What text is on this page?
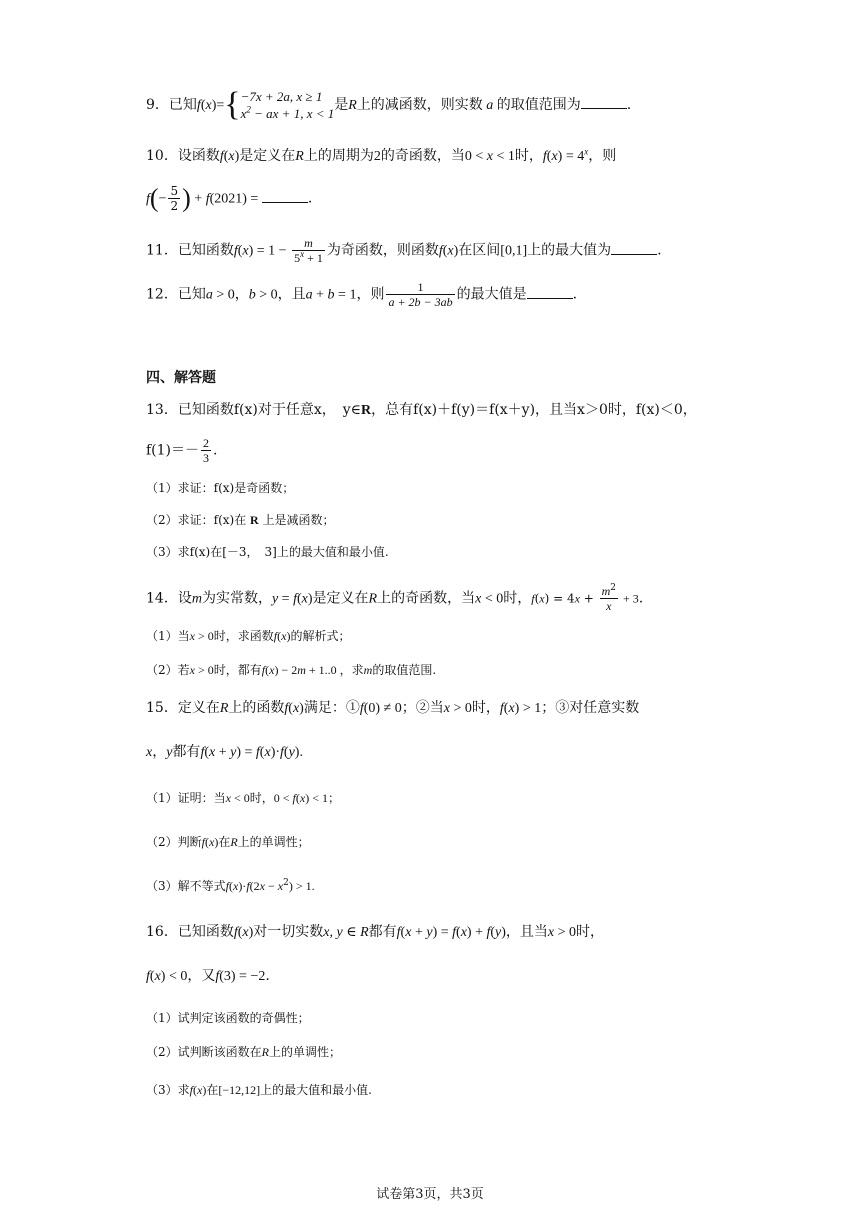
9．已知f(x)={−7x + 2a, x ≥ 1
$x^2$ − ax + 1, x < 1是R上的减函数，则实数 a 的取值范围为	.
10．设函数f(x)是定义在R上的周期为2的奇函数，当0 < x < 1时，$f(x) = 4^x$，则
$f(- \frac{5}{2}$ ) + f(2021) =	.
11．已知函数$f(x) = 1 - \frac{m}{5^x + 1}$ 为奇函数，则函数f(x)在区间[0,1]上的最大值为	.
12．已知a > 0，b > 0，且a + b = 1，则 $\frac{1}{a + 2b - 3ab}$ 的最大值是	.
四、解答题
13．已知函数f(x)对于任意x，　y∈R，总有f(x)＋f(y)＝f(x＋y)，且当x＞0时，f(x)＜0，
$f(1)=- \frac{2}{3}$ .
（1）求证：f(x)是奇函数；
（2）求证：f(x)在 R 上是减函数；
（3）求f(x)在[－3，　3]上的最大值和最小值.
14．设m为实常数，y = f(x)是定义在R上的奇函数，当x < 0时，$f(x) = 4x + \frac{m^2}{x} + 3$.
（1）当x > 0时，求函数f(x)的解析式；
（2）若x > 0时，都有f(x) − 2m + 1..0 ，求m的取值范围.
15．定义在R上的函数f(x)满足：①f(0) ≠ 0；②当x > 0时，f(x) > 1；③对任意实数
x，y都有f(x + y) = f(x)·f(y).
（1）证明：当x < 0时，0 < f(x) < 1；
（2）判断f(x)在R上的单调性；
（3）解不等式$f(x)\cdot f(2x - x^2) > 1$.
16．已知函数f(x)对一切实数x, y ∈ R都有f(x + y) = f(x) + f(y)，且当x > 0时，
f(x) < 0，又f(3) = −2.
（1）试判定该函数的奇偶性；
（2）试判断该函数在R上的单调性；
（3）求f(x)在[−12,12]上的最大值和最小值.
试卷第3页，共3页
